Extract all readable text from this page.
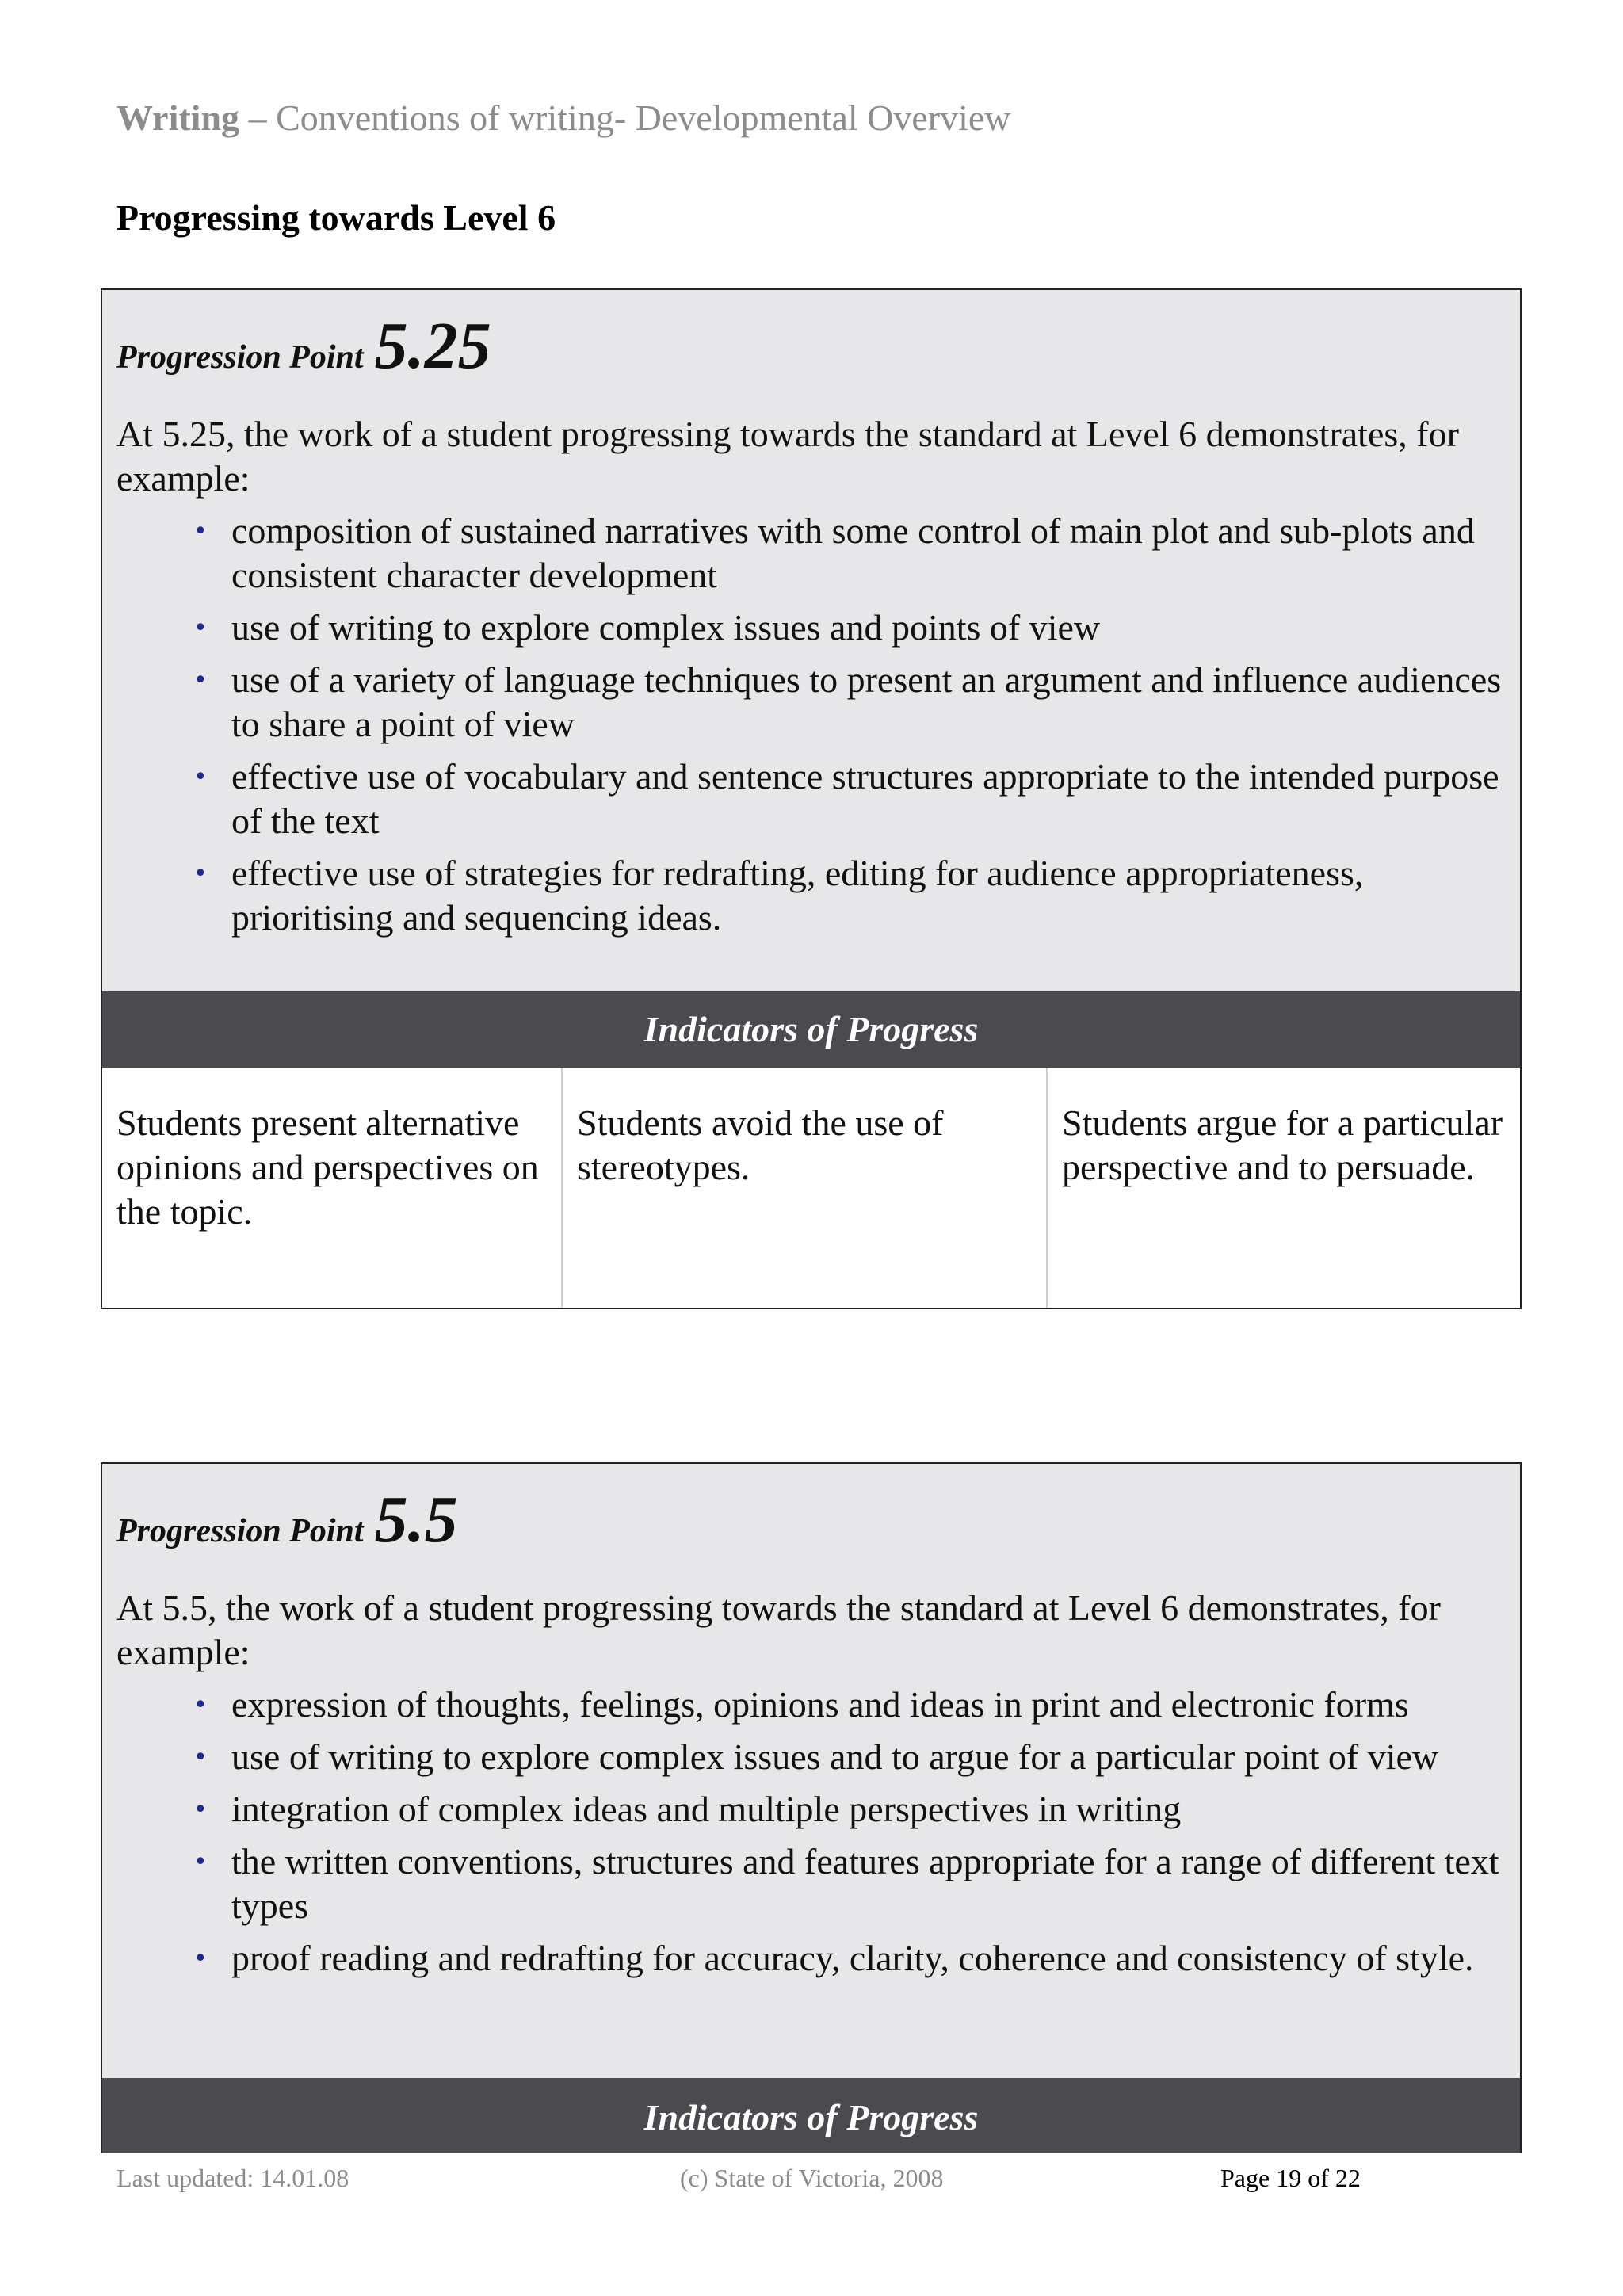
Writing – Conventions of writing- Developmental Overview
Progressing towards Level 6
Progression Point 5.25

At 5.25, the work of a student progressing towards the standard at Level 6 demonstrates, for example:

• composition of sustained narratives with some control of main plot and sub-plots and consistent character development
• use of writing to explore complex issues and points of view
• use of a variety of language techniques to present an argument and influence audiences to share a point of view
• effective use of vocabulary and sentence structures appropriate to the intended purpose of the text
• effective use of strategies for redrafting, editing for audience appropriateness, prioritising and sequencing ideas.
Indicators of Progress
Students present alternative opinions and perspectives on the topic.
Students avoid the use of stereotypes.
Students argue for a particular perspective and to persuade.
Progression Point 5.5

At 5.5, the work of a student progressing towards the standard at Level 6 demonstrates, for example:

• expression of thoughts, feelings, opinions and ideas in print and electronic forms
• use of writing to explore complex issues and to argue for a particular point of view
• integration of complex ideas and multiple perspectives in writing
• the written conventions, structures and features appropriate for a range of different text types
• proof reading and redrafting for accuracy, clarity, coherence and consistency of style.
Indicators of Progress
Last updated: 14.01.08	(c) State of Victoria, 2008	Page 19 of 22
